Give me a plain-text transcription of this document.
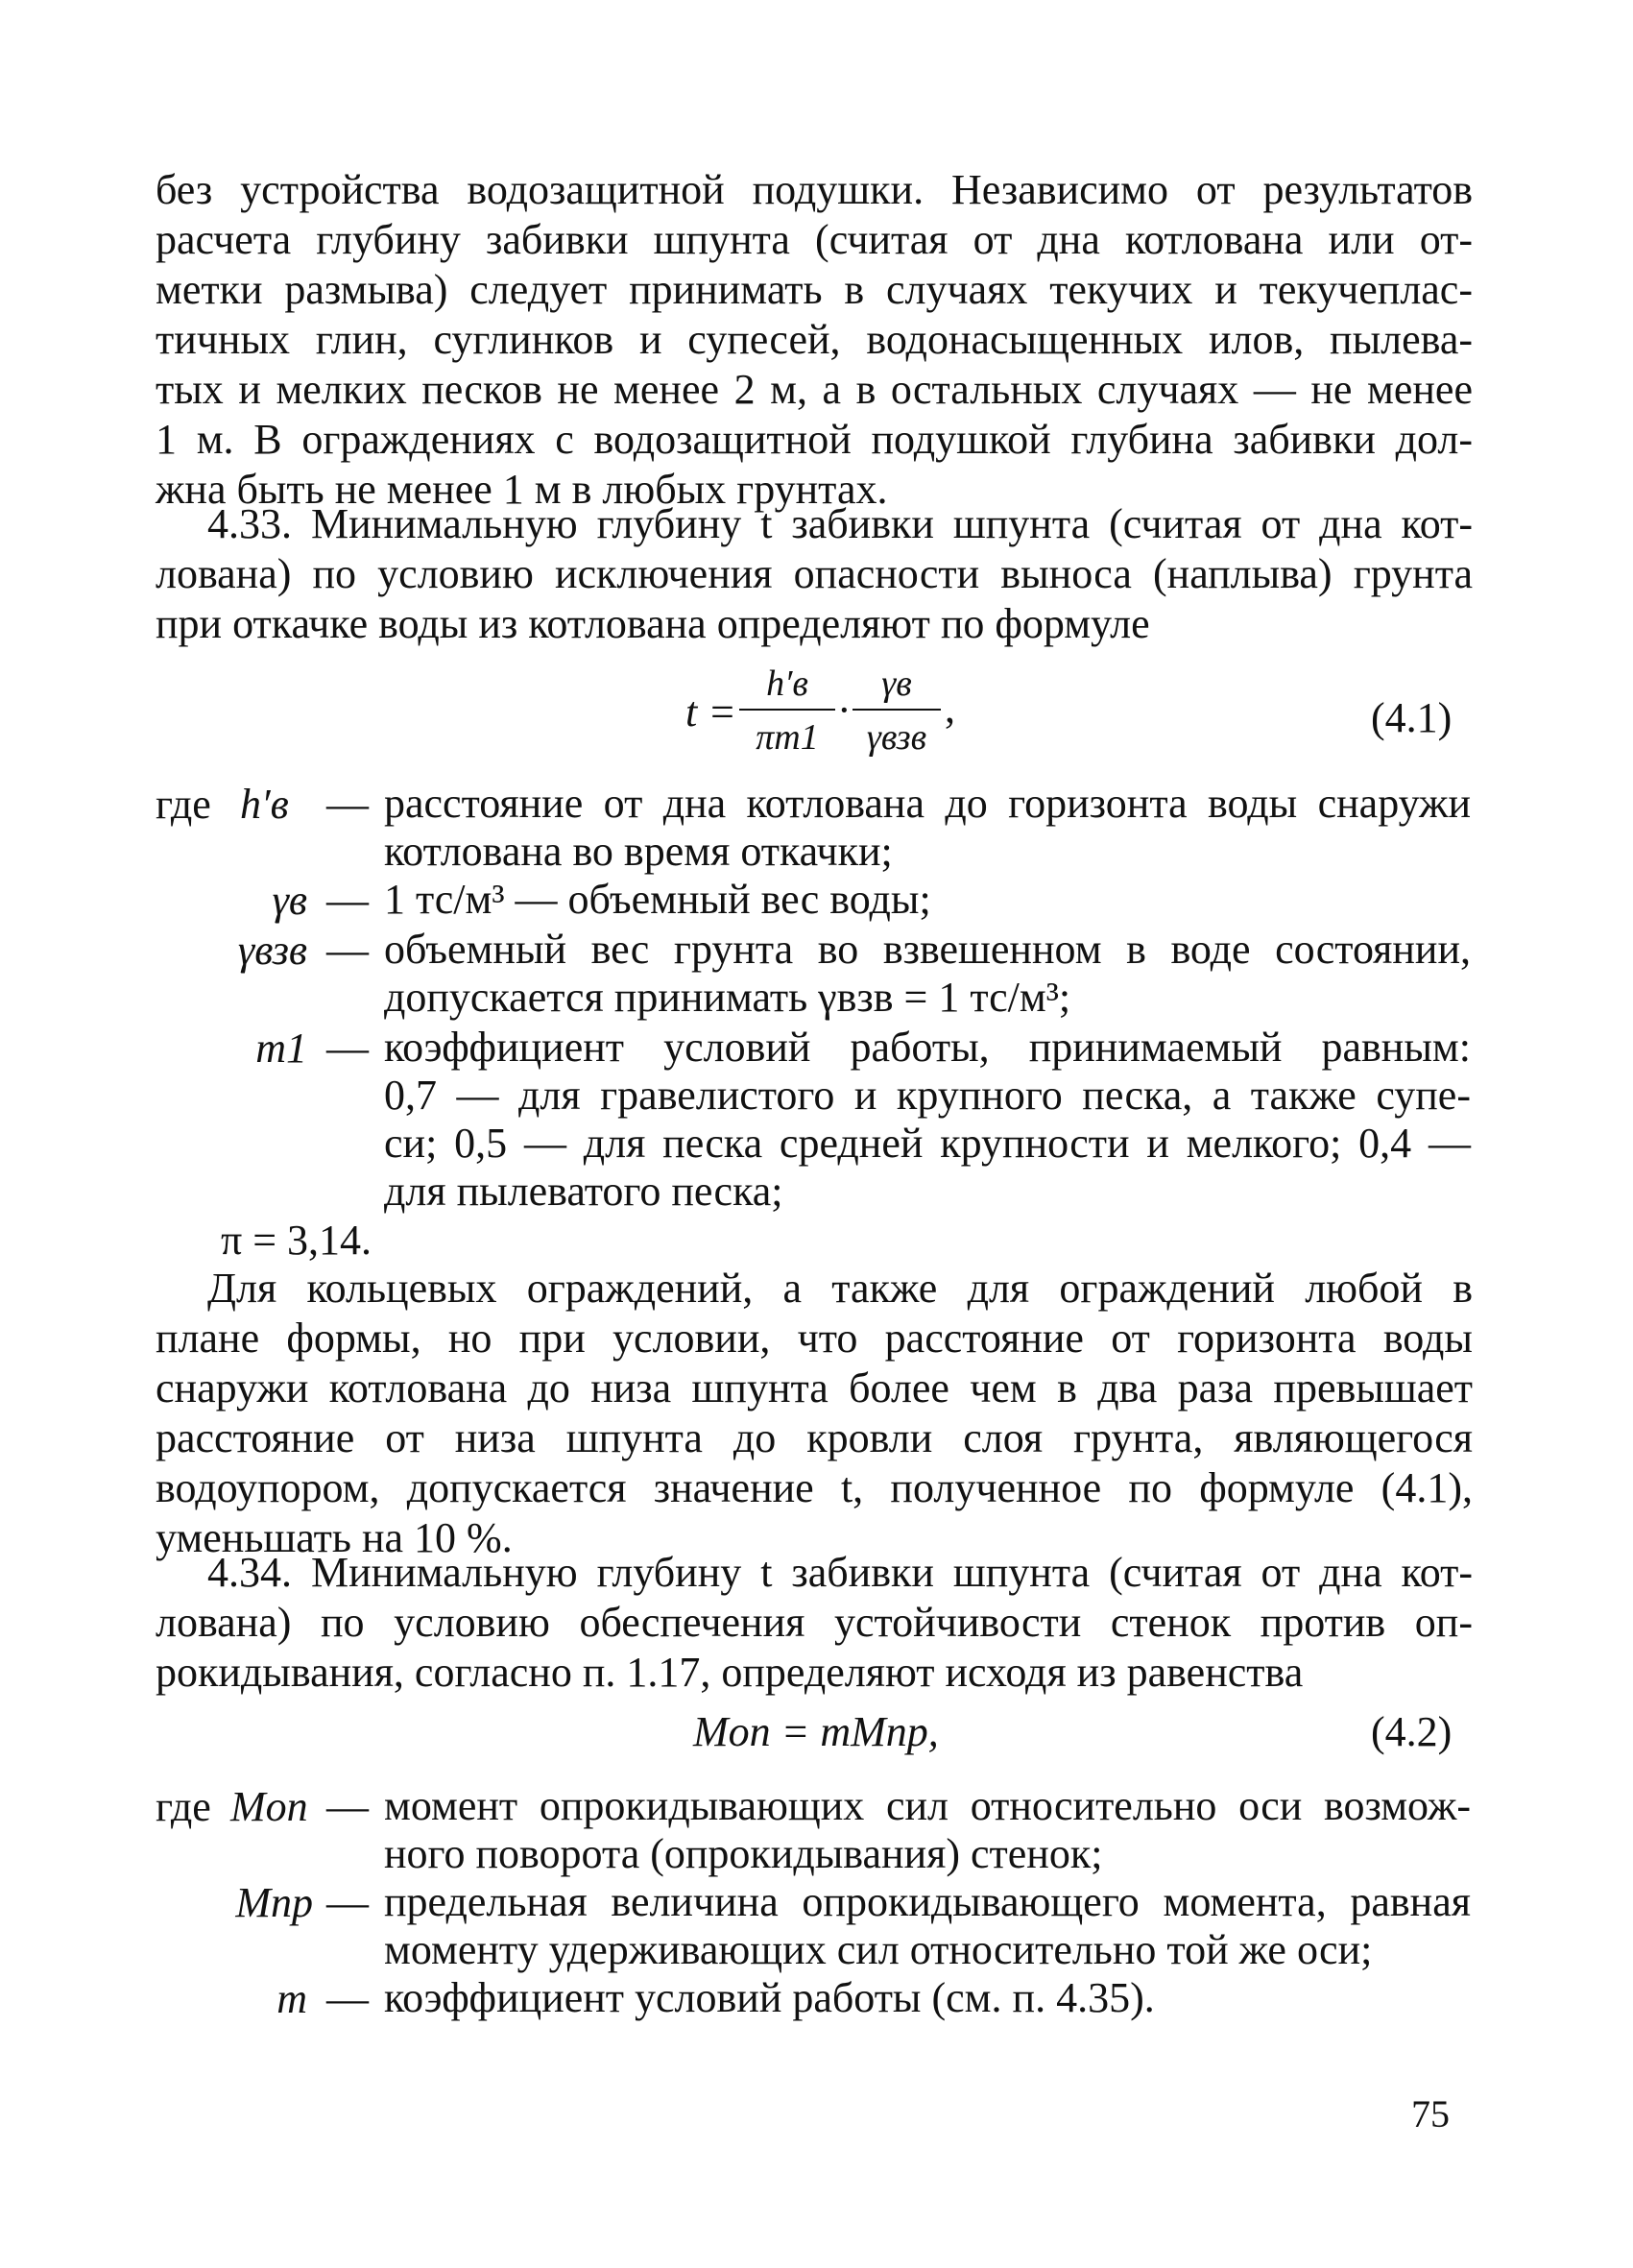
без устройства водозащитной подушки. Независимо от результатов
расчета глубину забивки шпунта (считая от дна котлована или от-
метки размыва) следует принимать в случаях текучих и текучеплас-
тичных глин, суглинков и супесей, водонасыщенных илов, пылева-
тых и мелких песков не менее 2 м, а в остальных случаях — не менее
1 м. В ограждениях с водозащитной подушкой глубина забивки дол-
жна быть не менее 1 м в любых грунтах.
4.33. Минимальную глубину t забивки шпунта (считая от дна кот-
лована) по условию исключения опасности выноса (наплыва) грунта
при откачке воды из котлована определяют по формуле
t =
h′в
πm1
·
γв
γвзв
,	(4.1)
где h′в — расстояние от дна котлована до горизонта воды снаружи
котлована во время откачки;
γв — 1 тс/м³ — объемный вес воды;
γвзв — объемный вес грунта во взвешенном в воде состоянии,
допускается принимать γвзв = 1 тс/м³;
m1 — коэффициент условий работы, принимаемый равным:
0,7 — для гравелистого и крупного песка, а также супе-
си; 0,5 — для песка средней крупности и мелкого; 0,4 —
для пылеватого песка;
π = 3,14.
Для кольцевых ограждений, а также для ограждений любой в
плане формы, но при условии, что расстояние от горизонта воды
снаружи котлована до низа шпунта более чем в два раза превышает
расстояние от низа шпунта до кровли слоя грунта, являющегося
водоупором, допускается значение t, полученное по формуле (4.1),
уменьшать на 10 %.
4.34. Минимальную глубину t забивки шпунта (считая от дна кот-
лована) по условию обеспечения устойчивости стенок против оп-
рокидывания, согласно п. 1.17, определяют исходя из равенства
Mоп = mMпр,	(4.2)
где Mоп — момент опрокидывающих сил относительно оси возмож-
ного поворота (опрокидывания) стенок;
Mпр — предельная величина опрокидывающего момента, равная
моменту удерживающих сил относительно той же оси;
m — коэффициент условий работы (см. п. 4.35).
75
